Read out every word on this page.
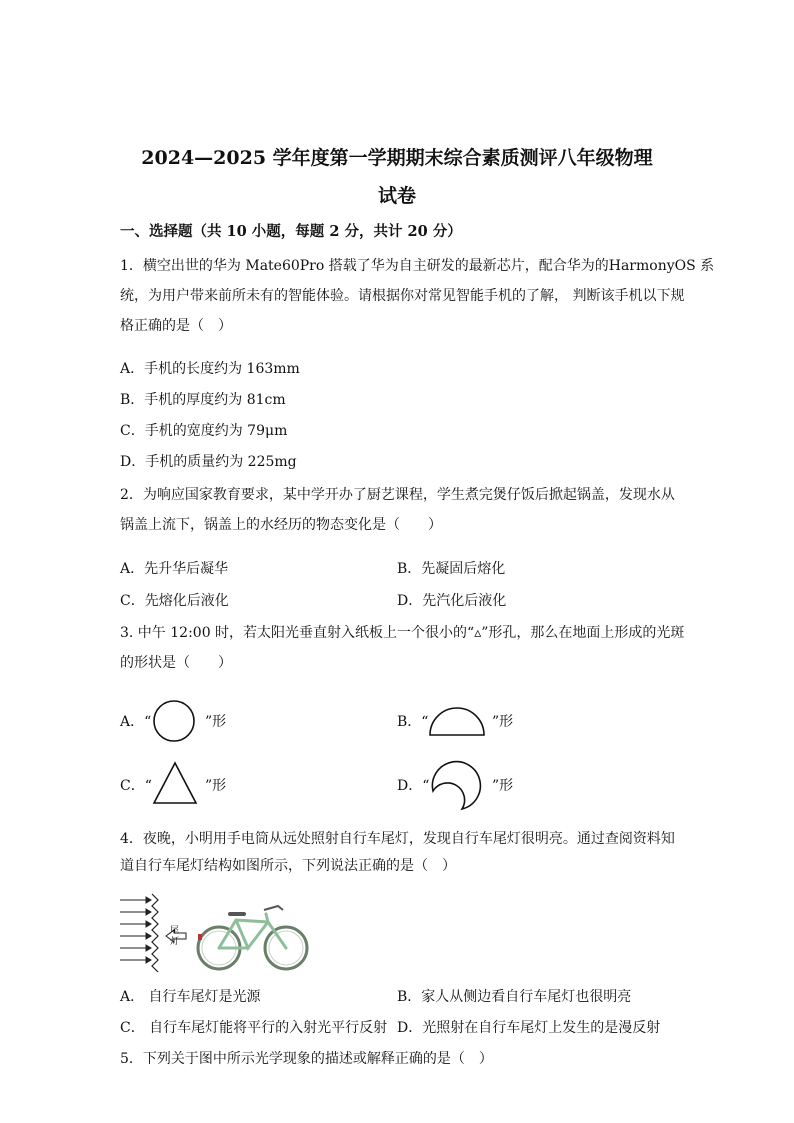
2024—2025 学年度第一学期期末综合素质测评八年级物理
试卷
一、选择题（共 10 小题，每题 2 分，共计 20 分）
1．横空出世的华为 Mate60Pro 搭载了华为自主研发的最新芯片，配合华为的HarmonyOS 系
统，为用户带来前所未有的智能体验。请根据你对常见智能手机的了解， 判断该手机以下规
格正确的是（　）
A．手机的长度约为 163mm
B．手机的厚度约为 81cm
C．手机的宽度约为 79μm
D．手机的质量约为 225mg
2．为响应国家教育要求，某中学开办了厨艺课程，学生煮完煲仔饭后掀起锅盖，发现水从
锅盖上流下，锅盖上的水经历的物态变化是（　　）
A．先升华后凝华	B．先凝固后熔化
C．先熔化后液化	D．先汽化后液化
3. 中午 12:00 时，若太阳光垂直射入纸板上一个很小的“▵”形孔，那么在地面上形成的光斑
的形状是（　　）
A．“	”形	B．“	”形
C．“	”形	D．“	”形
4．夜晚，小明用手电筒从远处照射自行车尾灯，发现自行车尾灯很明亮。通过查阅资料知
道自行车尾灯结构如图所示，下列说法正确的是（　）
尾灯
A． 自行车尾灯是光源	B．家人从侧边看自行车尾灯也很明亮
C． 自行车尾灯能将平行的入射光平行反射 D．光照射在自行车尾灯上发生的是漫反射
5．下列关于图中所示光学现象的描述或解释正确的是（　）
